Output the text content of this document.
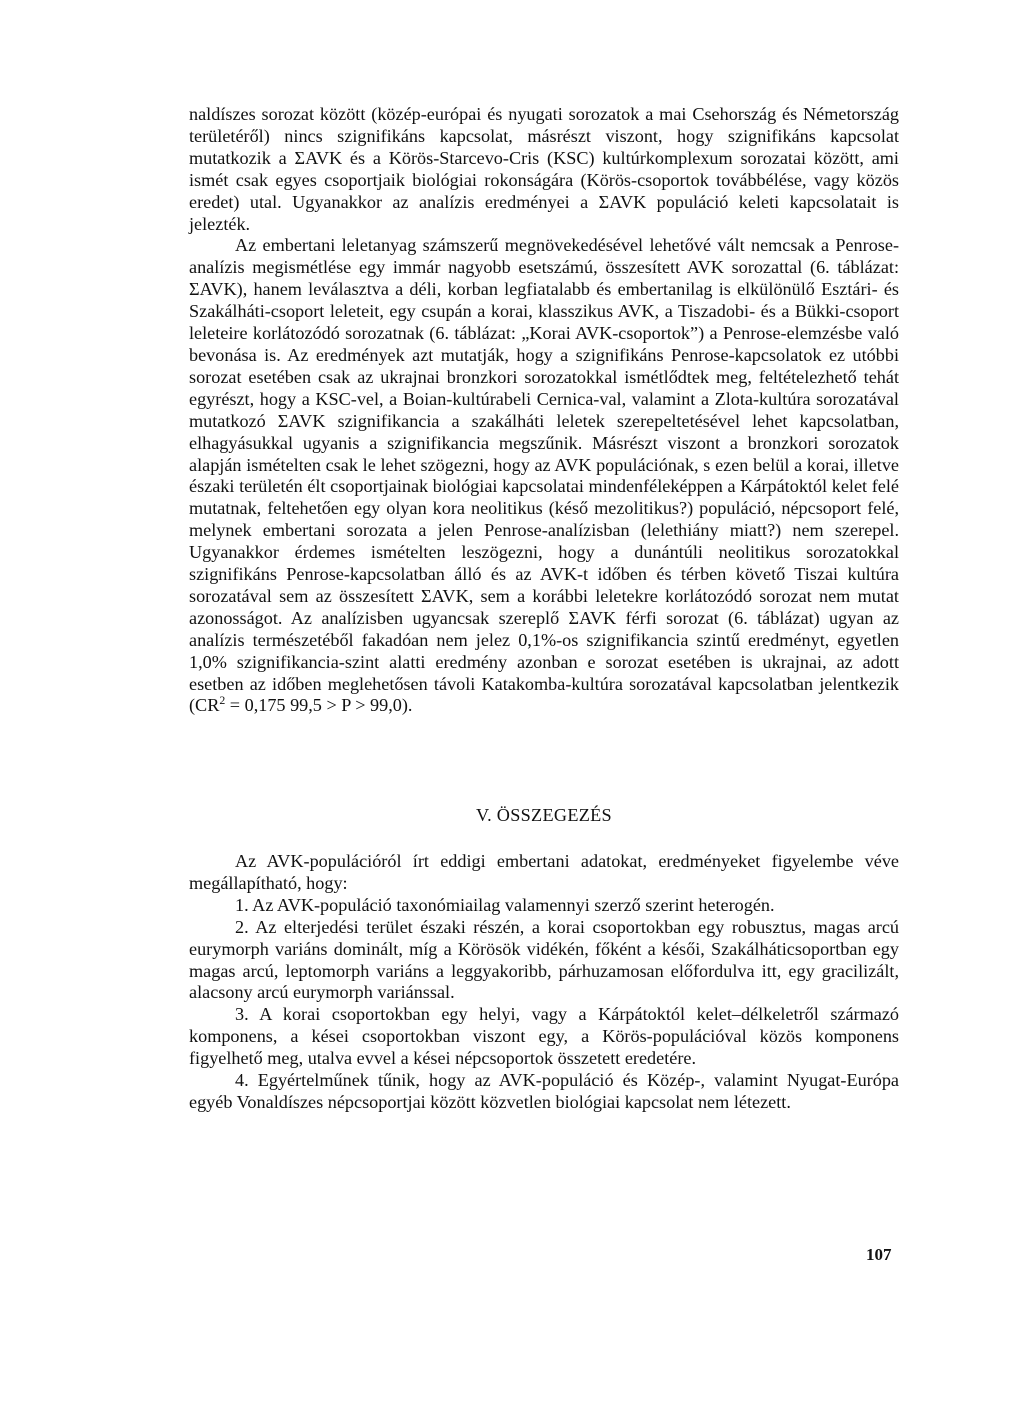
naldíszes sorozat között (közép-európai és nyugati sorozatok a mai Csehország és Németország területéről) nincs szignifikáns kapcsolat, másrészt viszont, hogy szignifikáns kapcsolat mutatkozik a ΣAVK és a Körös-Starcevo-Cris (KSC) kultúrkomplexum sorozatai között, ami ismét csak egyes csoportjaik biológiai rokonságára (Körös-csoportok továbbélése, vagy közös eredet) utal. Ugyanakkor az analízis eredményei a ΣAVK populáció keleti kapcsolatait is jelezték.

Az embertani leletanyag számszerű megnövekedésével lehetővé vált nemcsak a Penrose-analízis megismétlése egy immár nagyobb esetszámú, összesített AVK sorozattal (6. táblázat: ΣAVK), hanem leválasztva a déli, korban legfiatalabb és embertanilag is elkülönülő Esztári- és Szakálháti-csoport leleteit, egy csupán a korai, klasszikus AVK, a Tiszadobi- és a Bükki-csoport leleteire korlátozódó sorozatnak (6. táblázat: „Korai AVK-csoportok”) a Penrose-elemzésbe való bevonása is. Az eredmények azt mutatják, hogy a szignifikáns Penrose-kapcsolatok ez utóbbi sorozat esetében csak az ukrajnai bronzkori sorozatokkal ismétlődtek meg, feltételezhető tehát egyrészt, hogy a KSC-vel, a Boian-kultúrabeli Cernica-val, valamint a Zlota-kultúra sorozatával mutatkozó ΣAVK szignifikancia a szakálháti leletek szerepeltetésével lehet kapcsolatban, elhagyásukkal ugyanis a szignifikancia megszűnik. Másrészt viszont a bronzkori sorozatok alapján ismételten csak le lehet szögezni, hogy az AVK populációnak, s ezen belül a korai, illetve északi területén élt csoportjainak biológiai kapcsolatai mindenféleképpen a Kárpátoktól kelet felé mutatnak, feltehetően egy olyan kora neolitikus (késő mezolitikus?) populáció, népcsoport felé, melynek embertani sorozata a jelen Penrose-analízisban (lelethiány miatt?) nem szerepel. Ugyanakkor érdemes ismételten leszögezni, hogy a dunántúli neolitikus sorozatokkal szignifikáns Penrose-kapcsolatban álló és az AVK-t időben és térben követő Tiszai kultúra sorozatával sem az összesített ΣAVK, sem a korábbi leletekre korlátozódó sorozat nem mutat azonosságot. Az analízisben ugyancsak szereplő ΣAVK férfi sorozat (6. táblázat) ugyan az analízis természetéből fakadóan nem jelez 0,1%-os szignifikancia szintű eredményt, egyetlen 1,0% szignifikancia-szint alatti eredmény azonban e sorozat esetében is ukrajnai, az adott esetben az időben meglehetősen távoli Katakomba-kultúra sorozatával kapcsolatban jelentkezik ($CR^2 = 0,175$ 99,5 > P > 99,0).

V. ÖSSZEGEZÉS

Az AVK-populációról írt eddigi embertani adatokat, eredményeket figyelembe véve megállapítható, hogy:

1. Az AVK-populáció taxonómiailag valamennyi szerző szerint heterogén.

2. Az elterjedési terület északi részén, a korai csoportokban egy robusztus, magas arcú eurymorph variáns dominált, míg a Körösök vidékén, főként a késői, Szakálháticsoportban egy magas arcú, leptomorph variáns a leggyakoribb, párhuzamosan előfordulva itt, egy gracilizált, alacsony arcú eurymorph variánssal.

3. A korai csoportokban egy helyi, vagy a Kárpátoktól kelet–délkeletről származó komponens, a kései csoportokban viszont egy, a Körös-populációval közös komponens figyelhető meg, utalva evvel a kései népcsoportok összetett eredetére.

4. Egyértelműnek tűnik, hogy az AVK-populáció és Közép-, valamint Nyugat-Európa egyéb Vonaldíszes népcsoportjai között közvetlen biológiai kapcsolat nem létezett.

107
